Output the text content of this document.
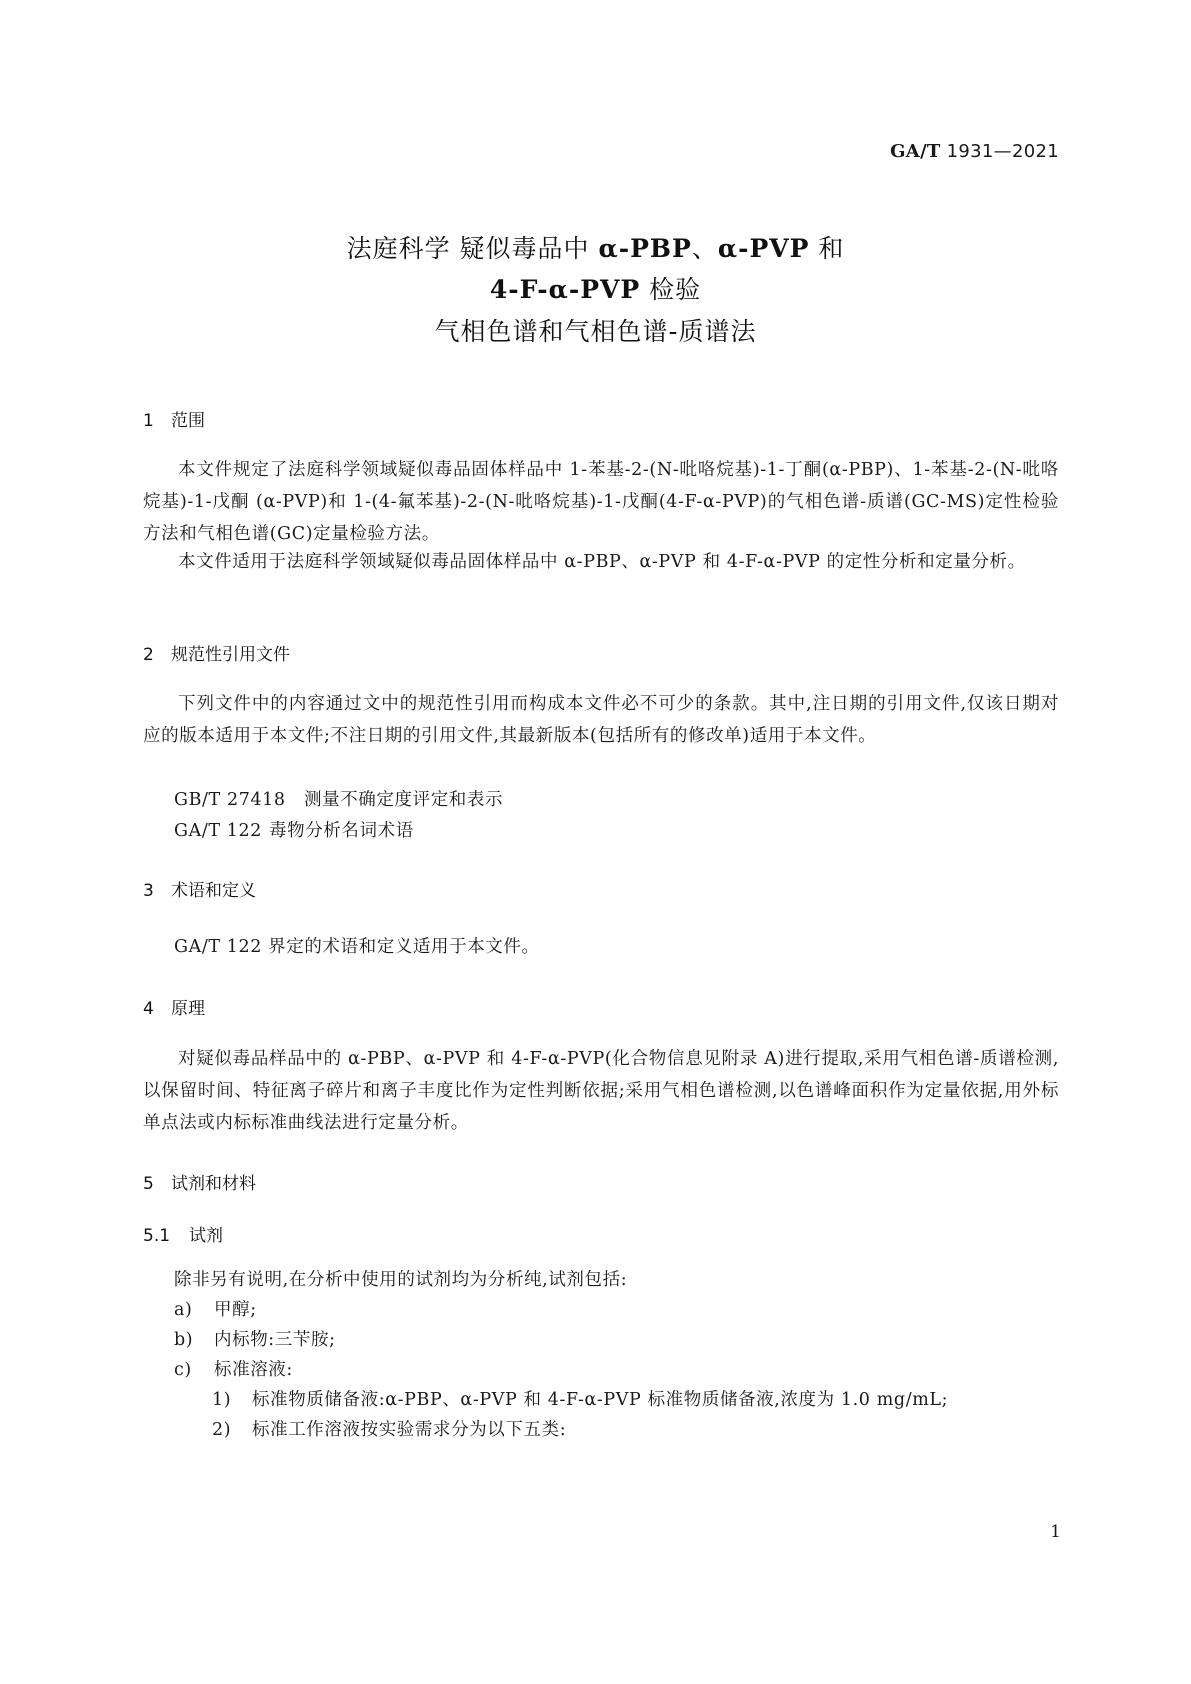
GA/T 1931—2021
法庭科学 疑似毒品中 α-PBP、α-PVP 和
4-F-α-PVP 检验
气相色谱和气相色谱-质谱法
1 范围
本文件规定了法庭科学领域疑似毒品固体样品中 1-苯基-2-(N-吡咯烷基)-1-丁酮(α-PBP)、1-苯基-2-(N-吡咯烷基)-1-戊酮 (α-PVP)和 1-(4-氟苯基)-2-(N-吡咯烷基)-1-戊酮(4-F-α-PVP)的气相色谱-质谱(GC-MS)定性检验方法和气相色谱(GC)定量检验方法。
本文件适用于法庭科学领域疑似毒品固体样品中 α-PBP、α-PVP 和 4-F-α-PVP 的定性分析和定量分析。
2 规范性引用文件
下列文件中的内容通过文中的规范性引用而构成本文件必不可少的条款。其中,注日期的引用文件,仅该日期对应的版本适用于本文件;不注日期的引用文件,其最新版本(包括所有的修改单)适用于本文件。
GB/T 27418 测量不确定度评定和表示
GA/T 122 毒物分析名词术语
3 术语和定义
GA/T 122 界定的术语和定义适用于本文件。
4 原理
对疑似毒品样品中的 α-PBP、α-PVP 和 4-F-α-PVP(化合物信息见附录 A)进行提取,采用气相色谱-质谱检测,以保留时间、特征离子碎片和离子丰度比作为定性判断依据;采用气相色谱检测,以色谱峰面积作为定量依据,用外标单点法或内标标准曲线法进行定量分析。
5 试剂和材料
5.1 试剂
除非另有说明,在分析中使用的试剂均为分析纯,试剂包括:
a) 甲醇;
b) 内标物:三苄胺;
c) 标准溶液:
1) 标准物质储备液:α-PBP、α-PVP 和 4-F-α-PVP 标准物质储备液,浓度为 1.0 mg/mL;
2) 标准工作溶液按实验需求分为以下五类:
1
